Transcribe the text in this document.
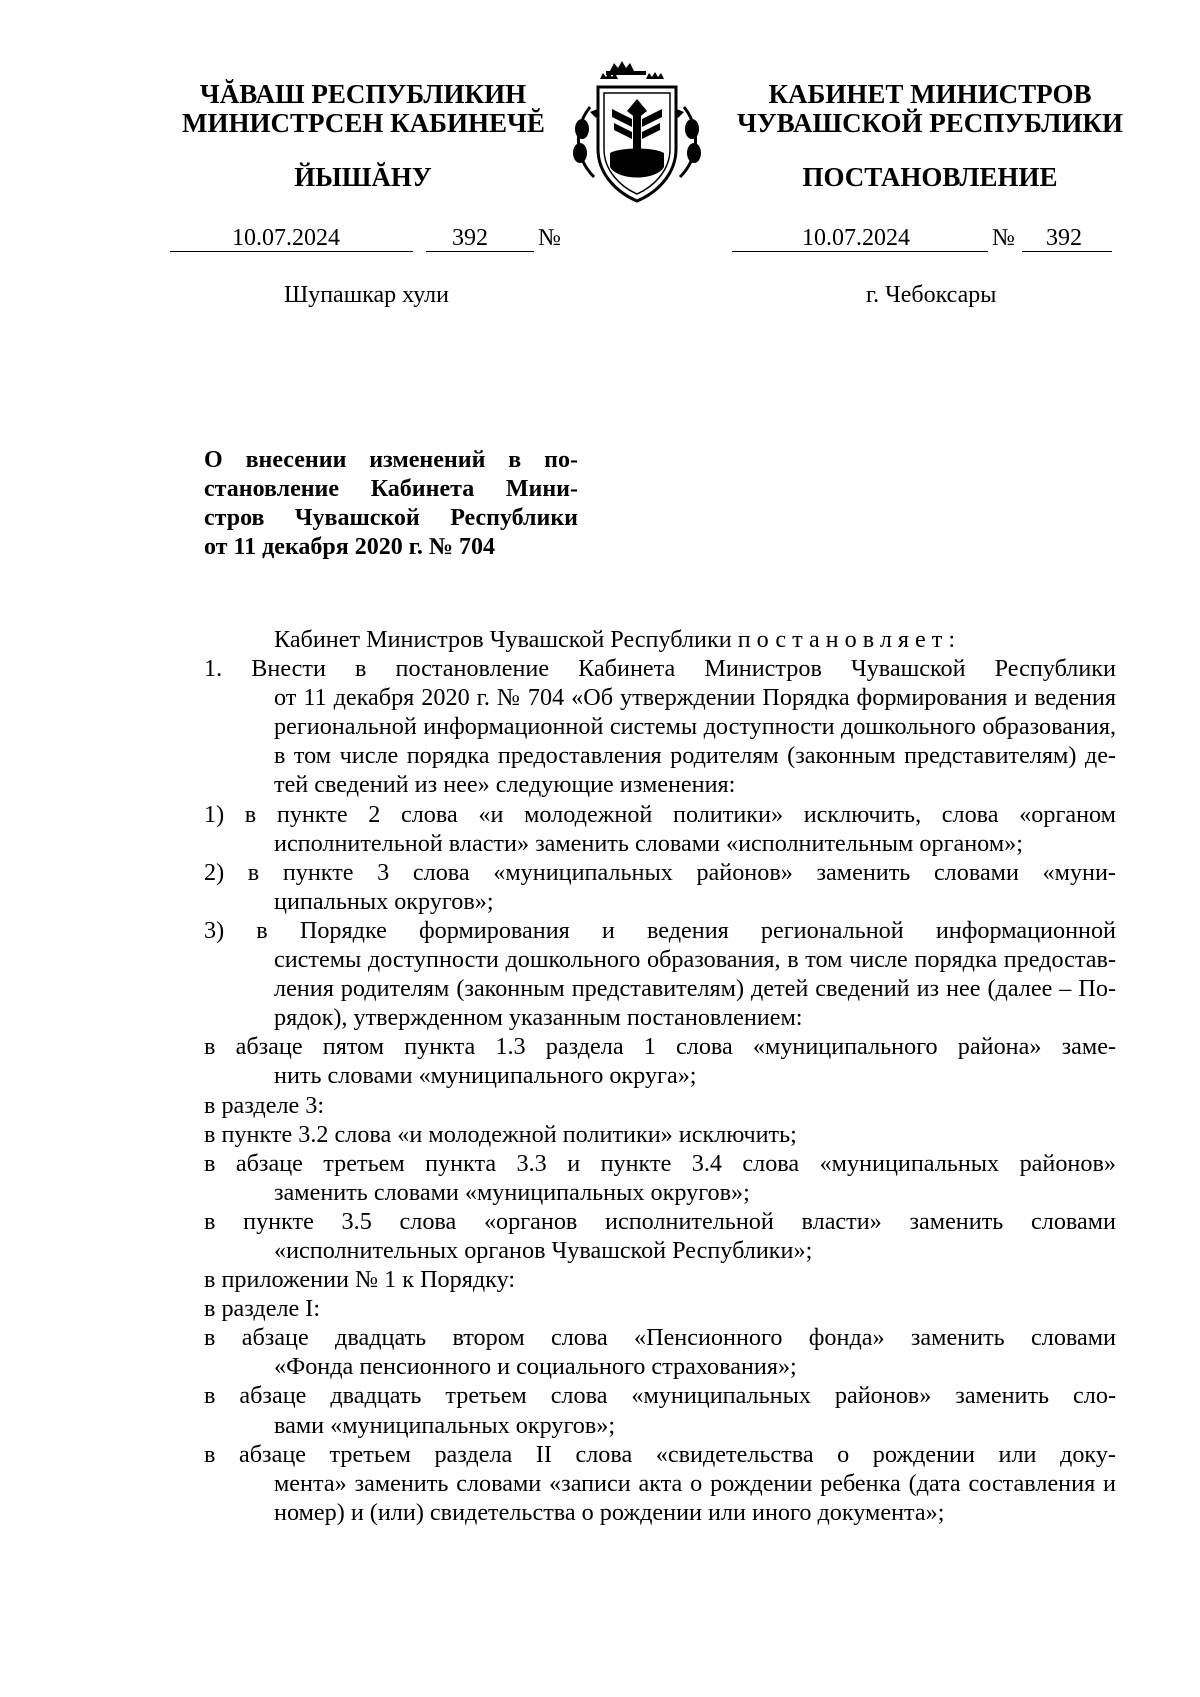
ЧĂВАШ РЕСПУБЛИКИН
МИНИСТРСЕН КАБИНЕЧĔ
ЙЫШĂНУ
КАБИНЕТ МИНИСТРОВ
ЧУВАШСКОЙ РЕСПУБЛИКИ
ПОСТАНОВЛЕНИЕ
10.07.2024	392 №	10.07.2024	№ 392
Шупашкар хули	г. Чебоксары
О внесении изменений в по-
становление Кабинета Мини-
стров Чувашской Республики
от 11 декабря 2020 г. № 704

Кабинет Министров Чувашской Республики постановляет:

1. Внести в постановление Кабинета Министров Чувашской Республики
от 11 декабря 2020 г. № 704 «Об утверждении Порядка формирования и ведения
региональной информационной системы доступности дошкольного образования,
в том числе порядка предоставления родителям (законным представителям) де-
тей сведений из нее» следующие изменения:

1) в пункте 2 слова «и молодежной политики» исключить, слова «органом
исполнительной власти» заменить словами «исполнительным органом»;

2) в пункте 3 слова «муниципальных районов» заменить словами «муни-
ципальных округов»;

3) в Порядке формирования и ведения региональной информационной
системы доступности дошкольного образования, в том числе порядка предостав-
ления родителям (законным представителям) детей сведений из нее (далее – По-
рядок), утвержденном указанным постановлением:

в абзаце пятом пункта 1.3 раздела 1 слова «муниципального района» заме-
нить словами «муниципального округа»;

в разделе 3:

в пункте 3.2 слова «и молодежной политики» исключить;

в абзаце третьем пункта 3.3 и пункте 3.4 слова «муниципальных районов»
заменить словами «муниципальных округов»;

в пункте 3.5 слова «органов исполнительной власти» заменить словами
«исполнительных органов Чувашской Республики»;

в приложении № 1 к Порядку:

в разделе I:

в абзаце двадцать втором слова «Пенсионного фонда» заменить словами
«Фонда пенсионного и социального страхования»;

в абзаце двадцать третьем слова «муниципальных районов» заменить сло-
вами «муниципальных округов»;

в абзаце третьем раздела II слова «свидетельства о рождении или доку-
мента» заменить словами «записи акта о рождении ребенка (дата составления и
номер) и (или) свидетельства о рождении или иного документа»;
